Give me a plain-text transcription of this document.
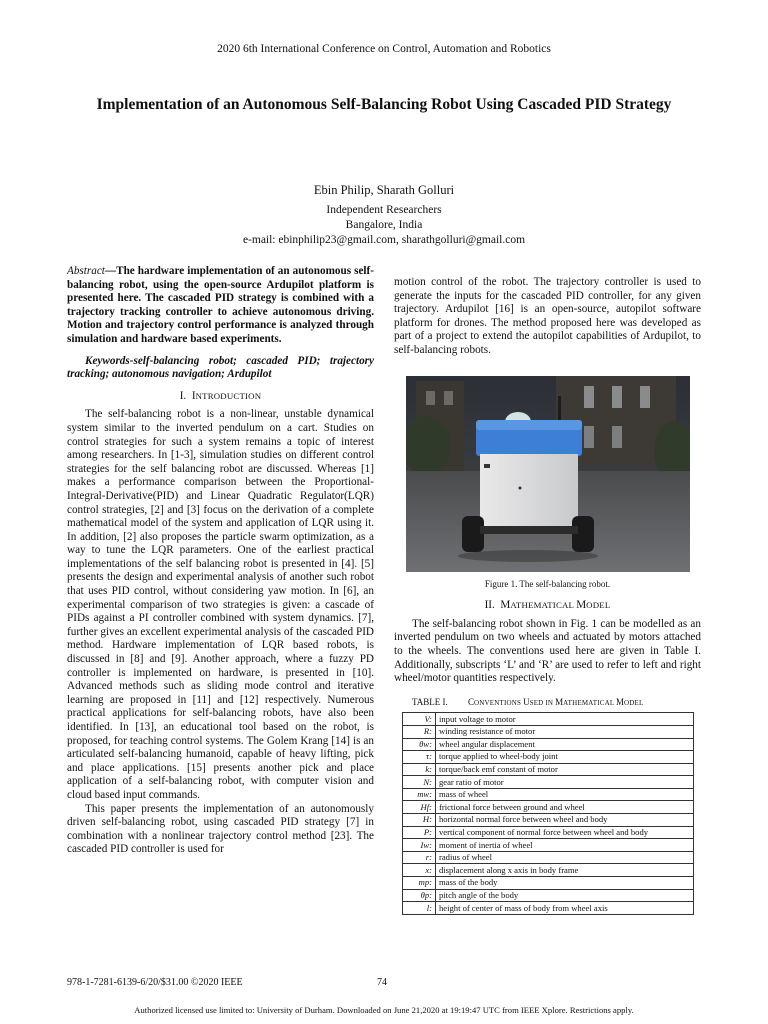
2020 6th International Conference on Control, Automation and Robotics
Implementation of an Autonomous Self-Balancing Robot Using Cascaded PID Strategy
Ebin Philip, Sharath Golluri
Independent Researchers
Bangalore, India
e-mail: ebinphilip23@gmail.com, sharathgolluri@gmail.com

Abstract—The hardware implementation of an autonomous self-balancing robot, using the open-source Ardupilot platform is presented here. The cascaded PID strategy is combined with a trajectory tracking controller to achieve autonomous driving. Motion and trajectory control performance is analyzed through simulation and hardware based experiments.

Keywords-self-balancing robot; cascaded PID; trajectory tracking; autonomous navigation; Ardupilot

I. INTRODUCTION

The self-balancing robot is a non-linear, unstable dynamical system similar to the inverted pendulum on a cart. Studies on control strategies for such a system remains a topic of interest among researchers. In [1-3], simulation studies on different control strategies for the self balancing robot are discussed. Whereas [1] makes a performance comparison between the Proportional-Integral-Derivative(PID) and Linear Quadratic Regulator(LQR) control strategies, [2] and [3] focus on the derivation of a complete mathematical model of the system and application of LQR using it. In addition, [2] also proposes the particle swarm optimization, as a way to tune the LQR parameters. One of the earliest practical implementations of the self balancing robot is presented in [4]. [5] presents the design and experimental analysis of another such robot that uses PID control, without considering yaw motion. In [6], an experimental comparison of two strategies is given: a cascade of PIDs against a PI controller combined with system dynamics. [7], further gives an excellent experimental analysis of the cascaded PID method. Hardware implementation of LQR based robots, is discussed in [8] and [9]. Another approach, where a fuzzy PD controller is implemented on hardware, is presented in [10]. Advanced methods such as sliding mode control and iterative learning are proposed in [11] and [12] respectively. Numerous practical applications for self-balancing robots, have also been identified. In [13], an educational tool based on the robot, is proposed, for teaching control systems. The Golem Krang [14] is an articulated self-balancing humanoid, capable of heavy lifting, pick and place applications. [15] presents another pick and place application of a self-balancing robot, with computer vision and cloud based input commands.

This paper presents the implementation of an autonomously driven self-balancing robot, using cascaded PID strategy [7] in combination with a nonlinear trajectory control method [23]. The cascaded PID controller is used for

motion control of the robot. The trajectory controller is used to generate the inputs for the cascaded PID controller, for any given trajectory. Ardupilot [16] is an open-source, autopilot software platform for drones. The method proposed here was developed as part of a project to extend the autopilot capabilities of Ardupilot, to self-balancing robots.

Figure 1. The self-balancing robot.

II. MATHEMATICAL MODEL

The self-balancing robot shown in Fig. 1 can be modelled as an inverted pendulum on two wheels and actuated by motors attached to the wheels. The conventions used here are given in Table I. Additionally, subscripts ‘L’ and ‘R’ are used to refer to left and right wheel/motor quantities respectively.

TABLE I. CONVENTIONS USED IN MATHEMATICAL MODEL

V:	input voltage to motor
R:	winding resistance of motor
θw:	wheel angular displacement
τ:	torque applied to wheel-body joint
k:	torque/back emf constant of motor
N:	gear ratio of motor
mw:	mass of wheel
Hf:	frictional force between ground and wheel
H:	horizontal normal force between wheel and body
P:	vertical component of normal force between wheel and body
Iw:	moment of inertia of wheel
r:	radius of wheel
x:	displacement along x axis in body frame
mp:	mass of the body
θp:	pitch angle of the body
l:	height of center of mass of body from wheel axis
978-1-7281-6139-6/20/$31.00 ©2020 IEEE	74
Authorized licensed use limited to: University of Durham. Downloaded on June 21,2020 at 19:19:47 UTC from IEEE Xplore. Restrictions apply.
